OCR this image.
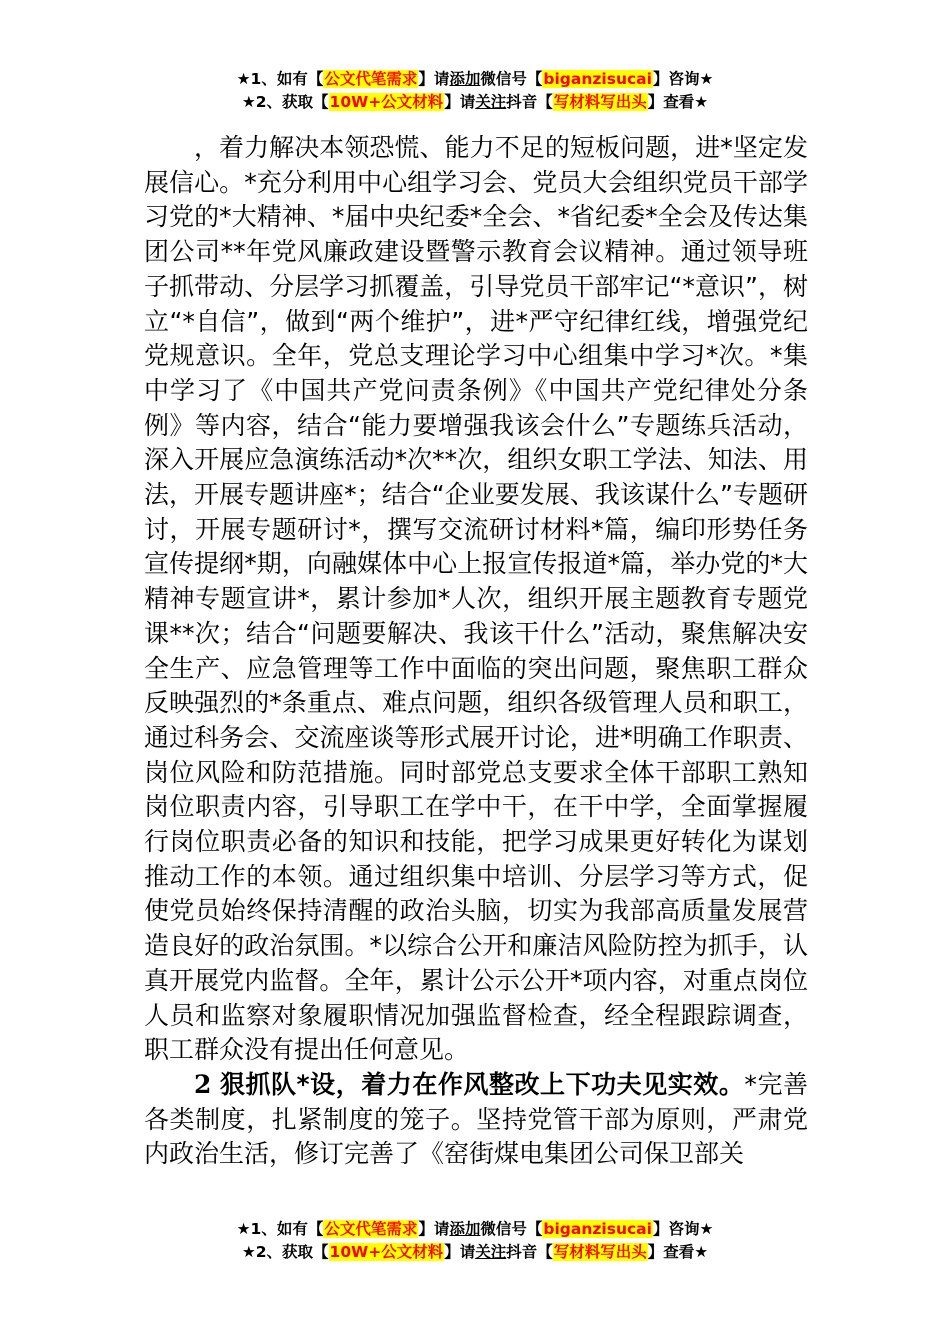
★1、如有【公文代笔需求】请添加微信号【biganzisucai】咨询★
★2、获取【10W+公文材料】请关注抖音【写材料写出头】查看★

，着力解决本领恐慌、能力不足的短板问题，进*坚定发展信心。*充分利用中心组学习会、党员大会组织党员干部学习党的*大精神、*届中央纪委*全会、*省纪委*全会及传达集团公司**年党风廉政建设暨警示教育会议精神。通过领导班子抓带动、分层学习抓覆盖，引导党员干部牢记“*意识”，树立“*自信”，做到“两个维护”，进*严守纪律红线，增强党纪党规意识。全年，党总支理论学习中心组集中学习*次。*集中学习了《中国共产党问责条例》《中国共产党纪律处分条例》等内容，结合“能力要增强我该会什么”专题练兵活动，深入开展应急演练活动*次**次，组织女职工学法、知法、用法，开展专题讲座*；结合“企业要发展、我该谋什么”专题研讨，开展专题研讨*，撰写交流研讨材料*篇，编印形势任务宣传提纲*期，向融媒体中心上报宣传报道*篇，举办党的*大精神专题宣讲*，累计参加*人次，组织开展主题教育专题党课**次；结合“问题要解决、我该干什么”活动，聚焦解决安全生产、应急管理等工作中面临的突出问题，聚焦职工群众反映强烈的*条重点、难点问题，组织各级管理人员和职工，通过科务会、交流座谈等形式展开讨论，进*明确工作职责、岗位风险和防范措施。同时部党总支要求全体干部职工熟知岗位职责内容，引导职工在学中干，在干中学，全面掌握履行岗位职责必备的知识和技能，把学习成果更好转化为谋划推动工作的本领。通过组织集中培训、分层学习等方式，促使党员始终保持清醒的政治头脑，切实为我部高质量发展营造良好的政治氛围。*以综合公开和廉洁风险防控为抓手，认真开展党内监督。全年，累计公示公开*项内容，对重点岗位人员和监察对象履职情况加强监督检查，经全程跟踪调查，职工群众没有提出任何意见。

2 狠抓队*设，着力在作风整改上下功夫见实效。*完善各类制度，扎紧制度的笼子。坚持党管干部为原则，严肃党内政治生活，修订完善了《窑街煤电集团公司保卫部关

★1、如有【公文代笔需求】请添加微信号【biganzisucai】咨询★
★2、获取【10W+公文材料】请关注抖音【写材料写出头】查看★
